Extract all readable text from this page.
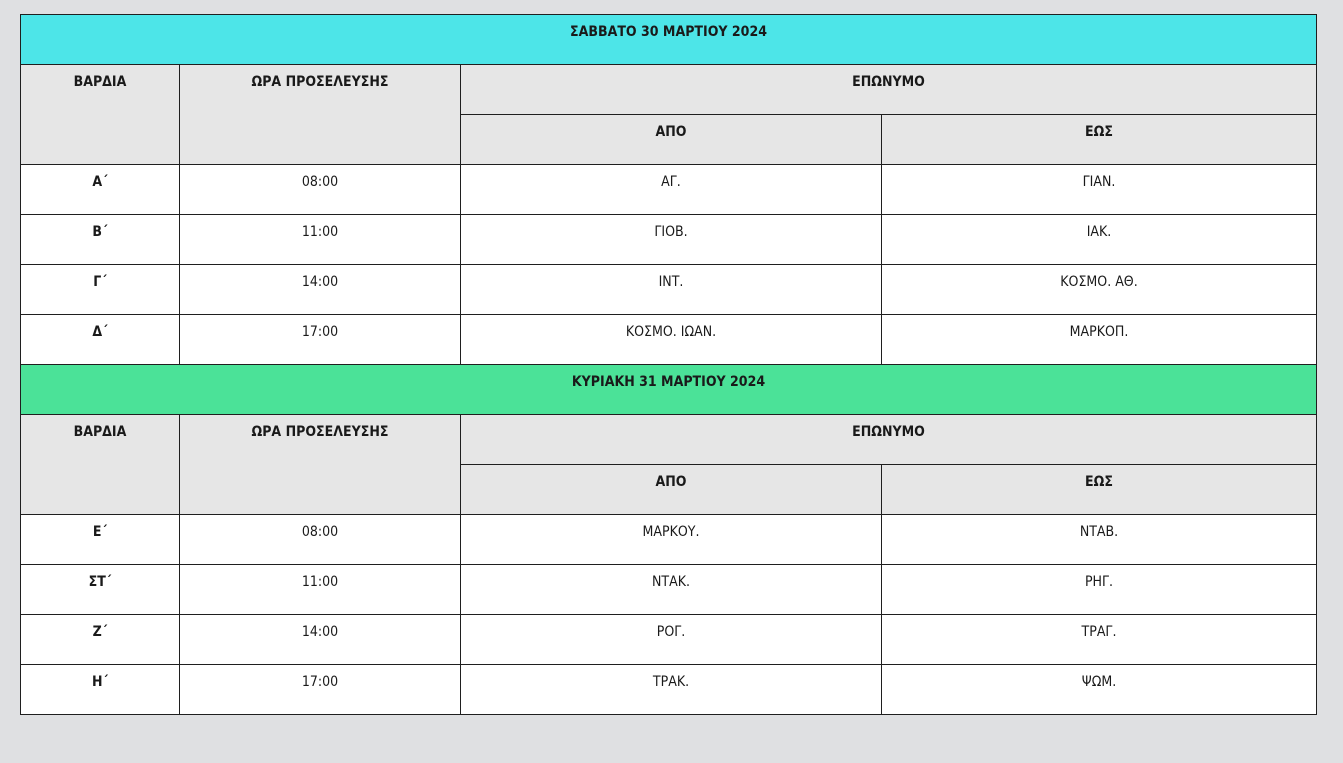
ΣΑΒΒΑΤΟ 30 ΜΑΡΤΙΟΥ 2024			

ΒΑΡΔΙΑ	ΩΡΑ ΠΡΟΣΕΛΕΥΣΗΣ	ΕΠΩΝΥΜΟ	

		ΑΠΟ	ΕΩΣ

Α΄	08:00	ΑΓ.	ΓΙΑΝ.

Β΄	11:00	ΓΙΟΒ.	ΙΑΚ.

Γ΄	14:00	ΙΝΤ.	ΚΟΣΜΟ. ΑΘ.

Δ΄	17:00	ΚΟΣΜΟ. ΙΩΑΝ.	ΜΑΡΚΟΠ.

ΚΥΡΙΑΚΗ 31 ΜΑΡΤΙΟΥ 2024			

ΒΑΡΔΙΑ	ΩΡΑ ΠΡΟΣΕΛΕΥΣΗΣ	ΕΠΩΝΥΜΟ	

		ΑΠΟ	ΕΩΣ

Ε΄	08:00	ΜΑΡΚΟΥ.	ΝΤΑΒ.

ΣΤ΄	11:00	ΝΤΑΚ.	ΡΗΓ.

Ζ΄	14:00	ΡΟΓ.	ΤΡΑΓ.

Η΄	17:00	ΤΡΑΚ.	ΨΩΜ.
